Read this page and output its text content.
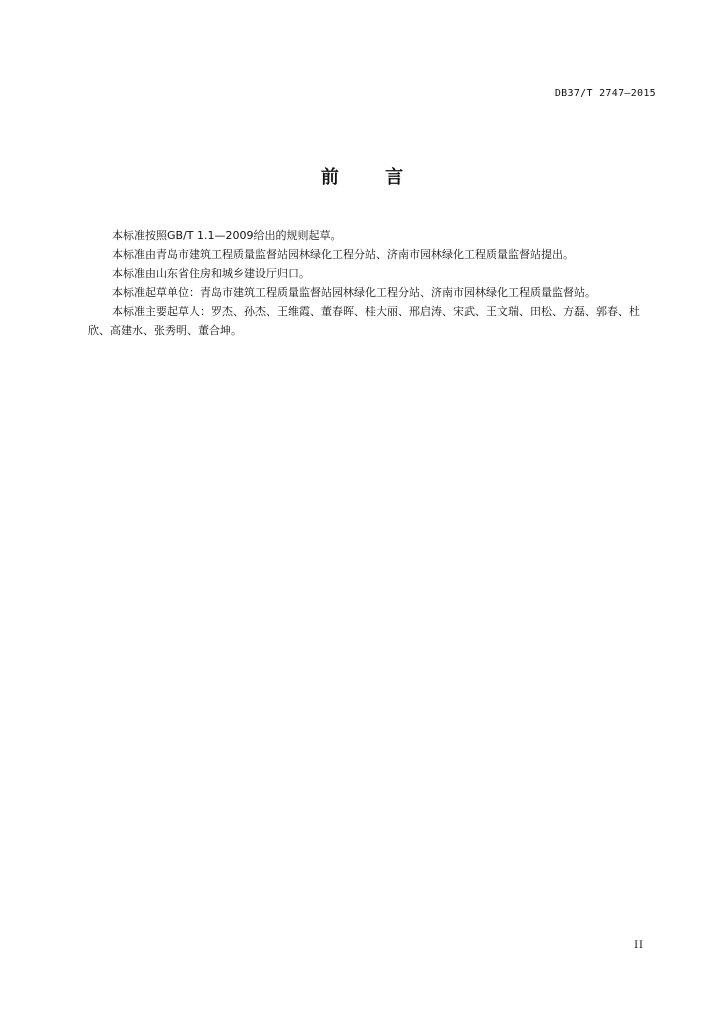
DB37/T 2747—2015
前 言

本标准按照GB/T 1.1—2009给出的规则起草。

本标准由青岛市建筑工程质量监督站园林绿化工程分站、济南市园林绿化工程质量监督站提出。

本标准由山东省住房和城乡建设厅归口。

本标准起草单位：青岛市建筑工程质量监督站园林绿化工程分站、济南市园林绿化工程质量监督站。

本标准主要起草人：罗杰、孙杰、王维霞、董春晖、桂大丽、邢启涛、宋武、王文瑞、田松、方磊、郭春、杜欣、高建水、张秀明、董合坤。

II
